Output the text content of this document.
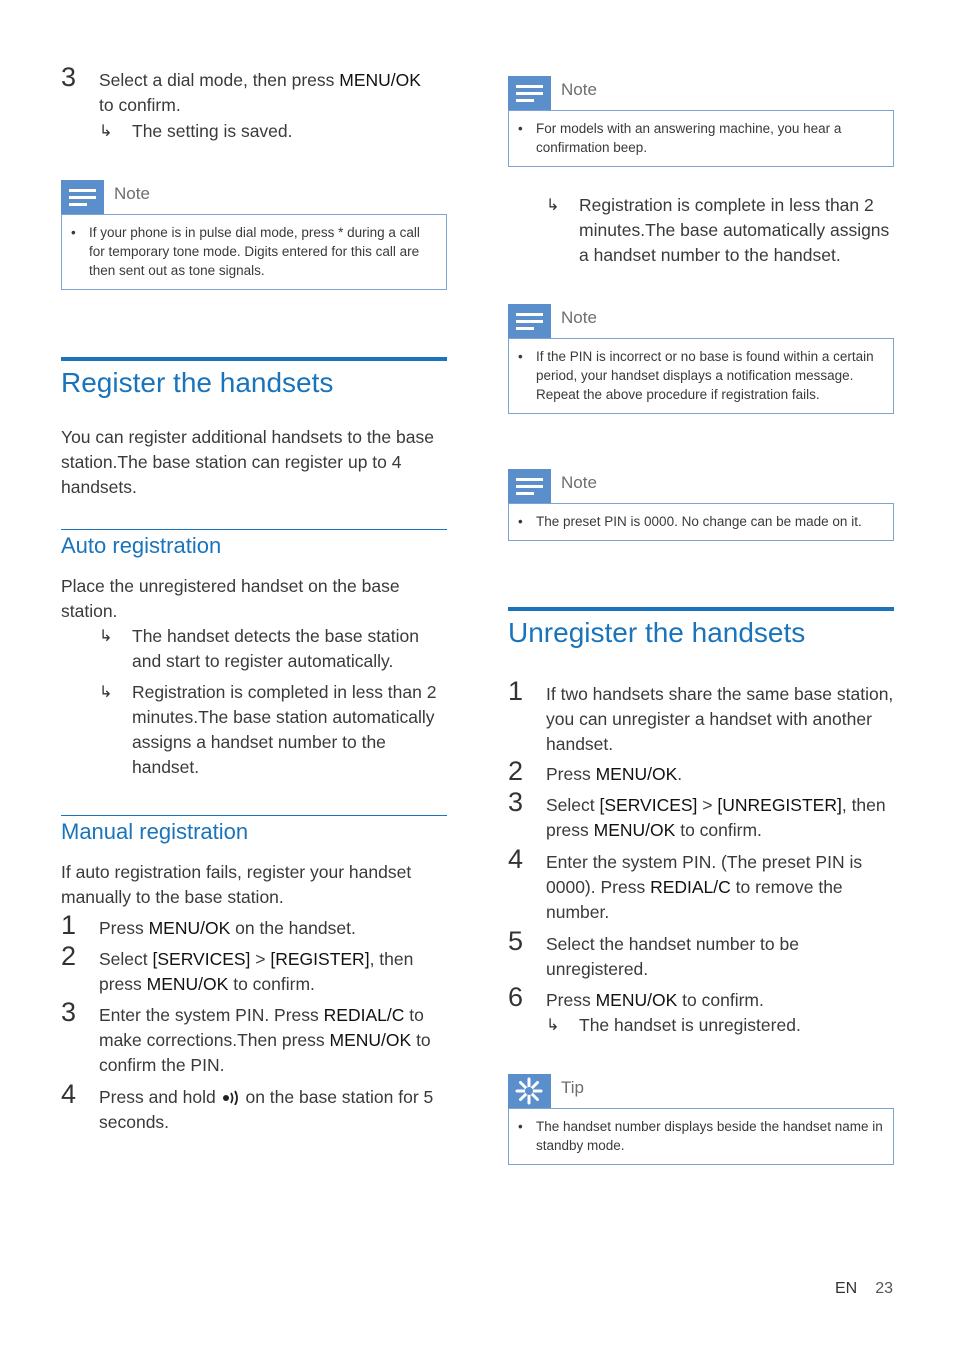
3 Select a dial mode, then press MENU/OK
to confirm.
↳ The setting is saved.
Note
• If your phone is in pulse dial mode, press * during a call for temporary tone mode. Digits entered for this call are then sent out as tone signals.
Register the handsets
You can register additional handsets to the base station.The base station can register up to 4 handsets.
Auto registration
Place the unregistered handset on the base station.
↳ The handset detects the base station and start to register automatically.
↳ Registration is completed in less than 2 minutes.The base station automatically assigns a handset number to the handset.
Manual registration
If auto registration fails, register your handset manually to the base station.
1 Press MENU/OK on the handset.
2 Select [SERVICES] > [REGISTER], then press MENU/OK to confirm.
3 Enter the system PIN. Press REDIAL/C to make corrections.Then press MENU/OK to confirm the PIN.
4 Press and hold  on the base station for 5 seconds.
Note
• For models with an answering machine, you hear a confirmation beep.
↳ Registration is complete in less than 2 minutes.The base automatically assigns a handset number to the handset.
Note
• If the PIN is incorrect or no base is found within a certain period, your handset displays a notification message. Repeat the above procedure if registration fails.
Note
• The preset PIN is 0000. No change can be made on it.
Unregister the handsets
1 If two handsets share the same base station, you can unregister a handset with another handset.
2 Press MENU/OK.
3 Select [SERVICES] > [UNREGISTER], then press MENU/OK to confirm.
4 Enter the system PIN. (The preset PIN is 0000). Press REDIAL/C to remove the number.
5 Select the handset number to be unregistered.
6 Press MENU/OK to confirm.
↳ The handset is unregistered.
Tip
• The handset number displays beside the handset name in standby mode.
EN 23
